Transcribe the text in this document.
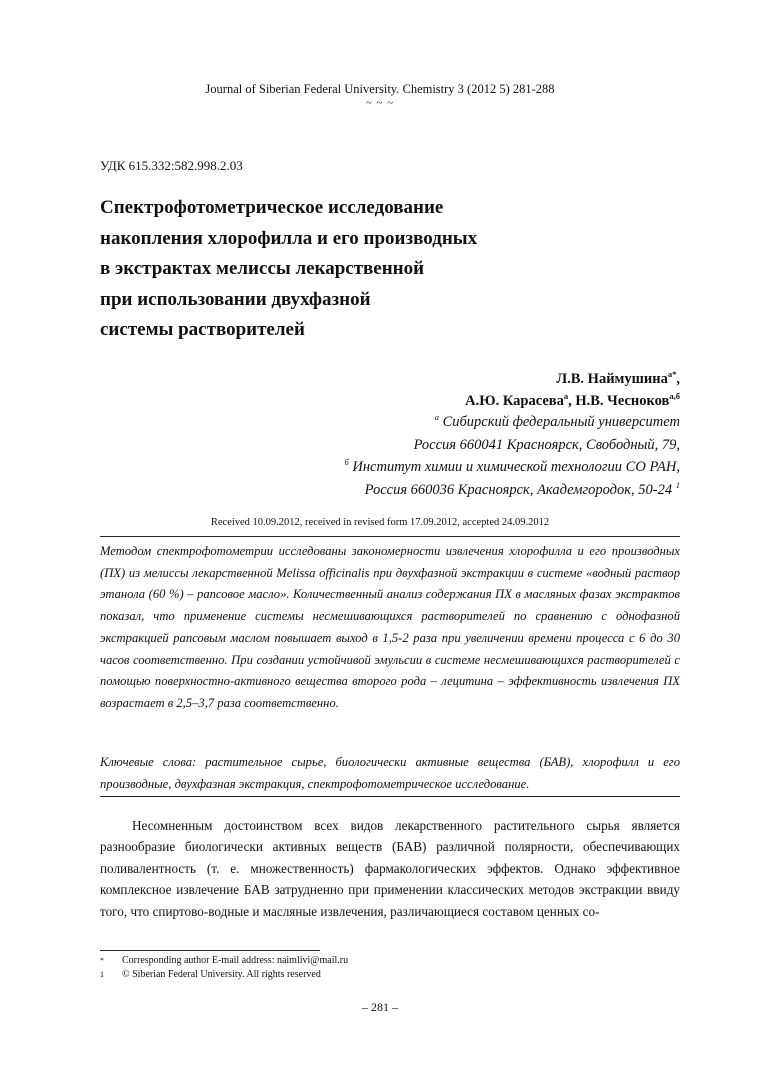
Journal of Siberian Federal University. Chemistry 3 (2012 5) 281-288
~ ~ ~
УДК 615.332:582.998.2.03
Спектрофотометрическое исследование
накопления хлорофилла и его производных
в экстрактах мелиссы лекарственной
при использовании двухфазной
системы растворителей
Л.В. Наймушина$^{а*}$,
А.Ю. Карасева$^а$, Н.В. Чесноков$^{а,б}$
$^а$ Сибирский федеральный университет
Россия 660041 Красноярск, Свободный, 79,
$^б$ Институт химии и химической технологии СО РАН,
Россия 660036 Красноярск, Академгородок, 50-24 $^1$
Received 10.09.2012, received in revised form 17.09.2012, accepted 24.09.2012
Методом спектрофотометрии исследованы закономерности извлечения хлорофилла и его производных (ПХ) из мелиссы лекарственной Melissa officinalis при двухфазной экстракции в системе «водный раствор этанола (60 %) – рапсовое масло». Количественный анализ содержания ПХ в масляных фазах экстрактов показал, что применение системы несмешивающихся растворителей по сравнению с однофазной экстракцией рапсовым маслом повышает выход в 1,5-2 раза при увеличении времени процесса с 6 до 30 часов соответственно. При создании устойчивой эмульсии в системе несмешивающихся растворителей с помощью поверхностно-активного вещества второго рода – лецитина – эффективность извлечения ПХ возрастает в 2,5–3,7 раза соответственно.
Ключевые слова: растительное сырье, биологически активные вещества (БАВ), хлорофилл и его производные, двухфазная экстракция, спектрофотометрическое исследование.

Несомненным достоинством всех видов лекарственного растительного сырья является разнообразие биологически активных веществ (БАВ) различной полярности, обеспечивающих поливалентность (т. е. множественность) фармакологических эффектов. Однако эффективное комплексное извлечение БАВ затрудненно при применении классических методов экстракции ввиду того, что спиртово-водные и масляные извлечения, различающиеся составом ценных со-

* Corresponding author E-mail address: naimlivi@mail.ru
1 © Siberian Federal University. All rights reserved
– 281 –
